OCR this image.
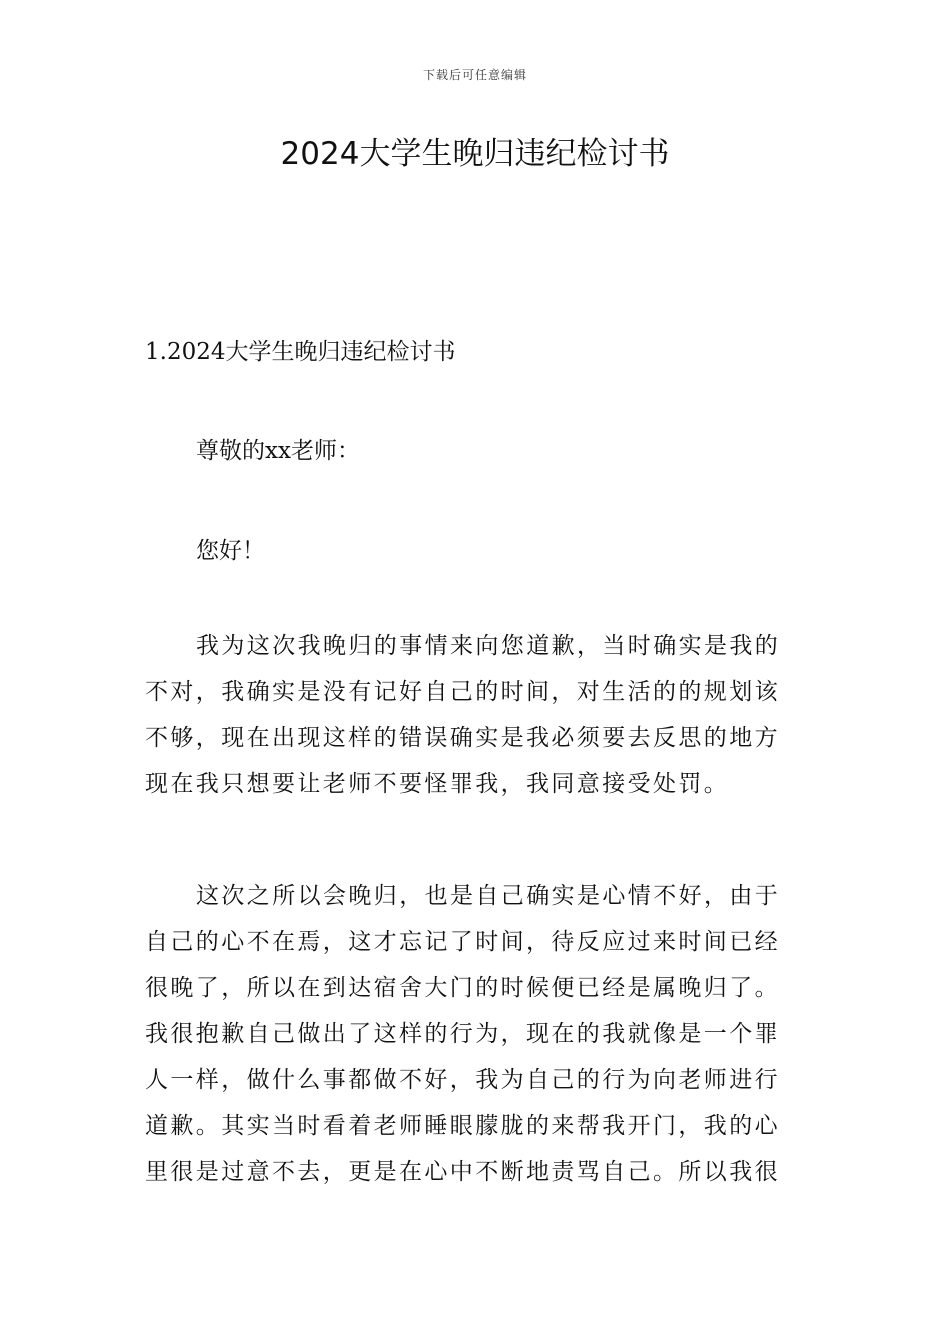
下载后可任意编辑
2024大学生晚归违纪检讨书
1.2024大学生晚归违纪检讨书

尊敬的xx老师：

您好！

我为这次我晚归的事情来向您道歉，当时确实是我的
不对，我确实是没有记好自己的时间，对生活的的规划该
不够，现在出现这样的错误确实是我必须要去反思的地方
现在我只想要让老师不要怪罪我，我同意接受处罚。
这次之所以会晚归，也是自己确实是心情不好，由于
自己的心不在焉，这才忘记了时间，待反应过来时间已经
很晚了，所以在到达宿舍大门的时候便已经是属晚归了。
我很抱歉自己做出了这样的行为，现在的我就像是一个罪
人一样，做什么事都做不好，我为自己的行为向老师进行
道歉。其实当时看着老师睡眼朦胧的来帮我开门，我的心
里很是过意不去，更是在心中不断地责骂自己。所以我很
